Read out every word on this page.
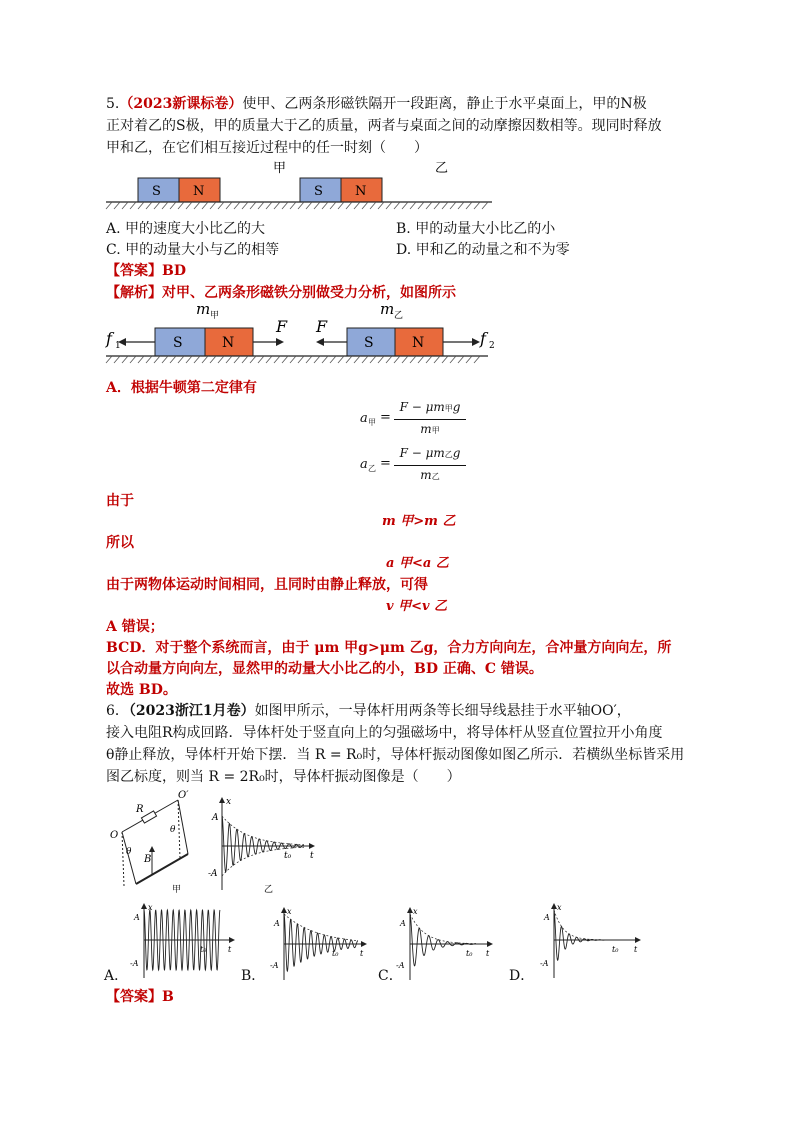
5.（2023新课标卷）使甲、乙两条形磁铁隔开一段距离，静止于水平桌面上，甲的N极
正对着乙的S极，甲的质量大于乙的质量，两者与桌面之间的动摩擦因数相等。现同时释放
甲和乙，在它们相互接近过程中的任一时刻（　　）
甲	乙
S N	S N
A. 甲的速度大小比乙的大	B. 甲的动量大小比乙的小
C. 甲的动量大小与乙的相等	D. 甲和乙的动量之和不为零
【答案】BD
【解析】对甲、乙两条形磁铁分别做受力分析，如图所示
m 甲	m 乙
S	N	S	N
f 1
F F
f 2
A．根据牛顿第二定律有
a 甲 =
F − μm甲g
m甲
a 乙 =
F − μm乙g
m乙
由于
m 甲>m 乙
所以
a 甲<a 乙
由于两物体运动时间相同，且同时由静止释放，可得
v 甲<v 乙
A 错误；
BCD．对于整个系统而言，由于 μm 甲g>μm 乙g，合力方向向左，合冲量方向向左，所
以合动量方向向左，显然甲的动量大小比乙的小，BD 正确、C 错误。
故选 BD。
6．（2023浙江1月卷）如图甲所示，一导体杆用两条等长细导线悬挂于水平轴OO′，
接入电阻R构成回路．导体杆处于竖直向上的匀强磁场中，将导体杆从竖直位置拉开小角度
θ静止释放，导体杆开始下摆．当 R = R₀时，导体杆振动图像如图乙所示．若横纵坐标皆采用
图乙标度，则当 R = 2R₀时，导体杆振动图像是（　　）
O
O′
R
B
θ
θ
甲
x
t
A
-A
t₀
乙
x
t
A
-A
t₀
x
t
A
-A
t₀
x
t
A
-A
t₀
x
t
A
-A
t₀
A．	B．	C．	D．
【答案】B
